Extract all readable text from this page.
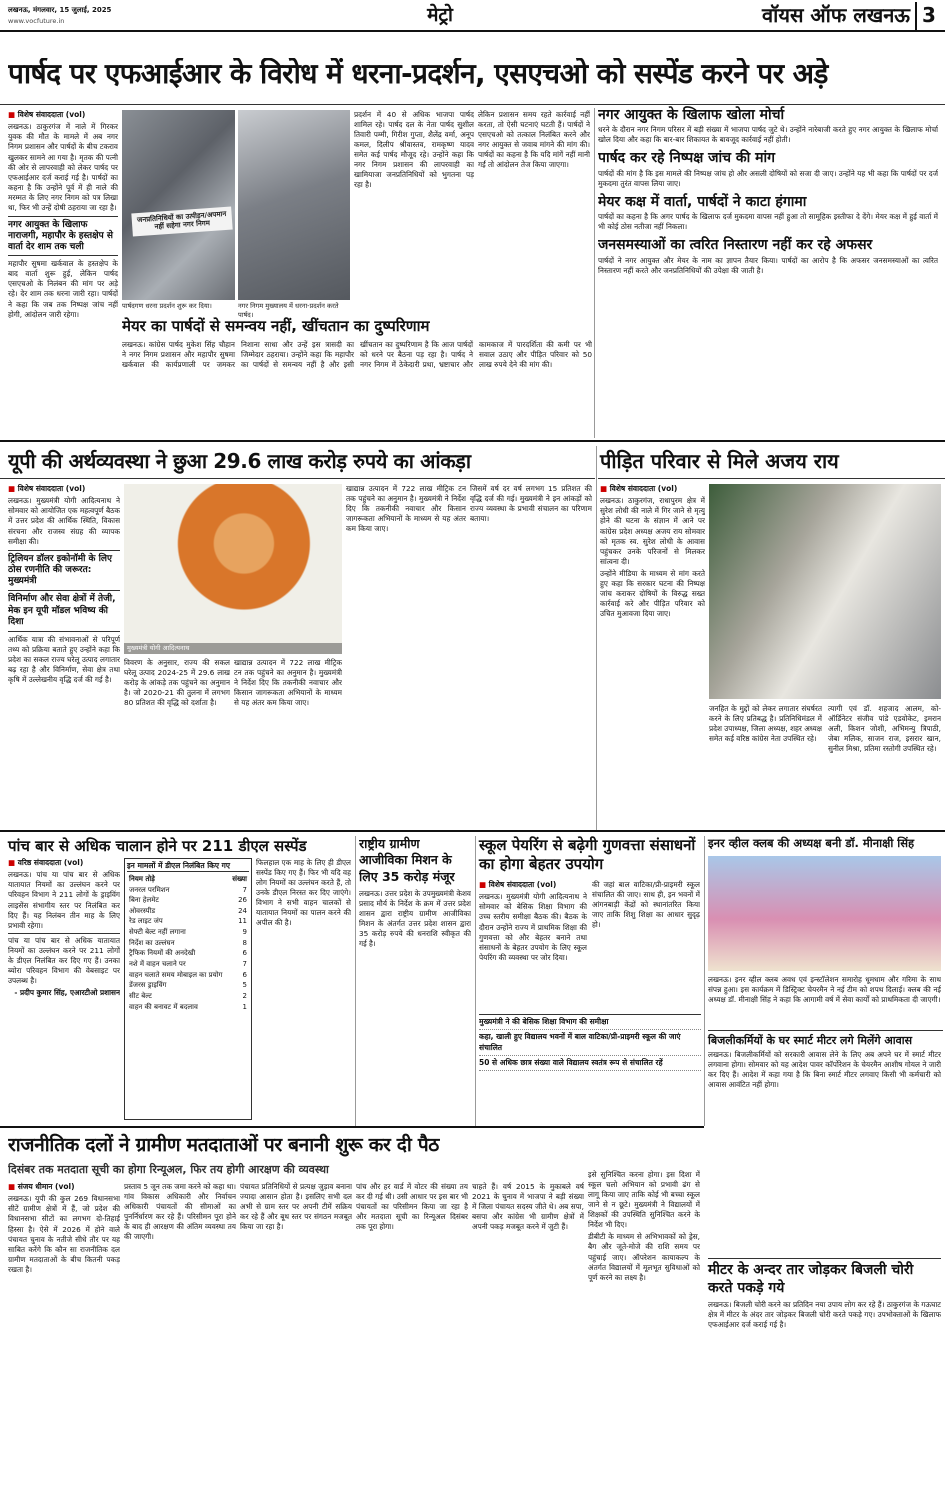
लखनऊ, मंगलवार, 15 जुलाई, 2025
www.vocfuture.in	मेट्रो	वॉयस ऑफ लखनऊ 3
पार्षद पर एफआईआर के विरोध में धरना-प्रदर्शन, एसएचओ को सस्पेंड करने पर अड़े
■ विशेष संवाददाता (vol)

लखनऊ। ठाकुरगंज में नाले में गिरकर युवक की मौत के मामले में अब नगर निगम प्रशासन और पार्षदों के बीच टकराव खुलकर सामने आ गया है। मृतक की पत्नी की ओर से लापरवाही को लेकर पार्षद पर एफआईआर दर्ज कराई गई है। पार्षदों का कहना है कि उन्होंने पूर्व में ही नाले की मरम्मत के लिए नगर निगम को पत्र लिखा था, फिर भी उन्हें दोषी ठहराया जा रहा है।

नगर आयुक्त के खिलाफ नाराजगी, महापौर के हस्तक्षेप से वार्ता देर शाम तक चली

महापौर सुषमा खर्कवाल के हस्तक्षेप के बाद वार्ता शुरू हुई, लेकिन पार्षद एसएचओ के निलंबन की मांग पर अड़े रहे। देर शाम तक धरना जारी रहा। पार्षदों ने कहा कि जब तक निष्पक्ष जांच नहीं होगी, आंदोलन जारी रहेगा।

जनप्रतिनिधियों का उत्पीड़न/अपमान नहीं सहेगा नगर निगम
पार्षदगण धरना प्रदर्शन शुरू कर दिया।	नगर निगम मुख्यालय में धरना-प्रदर्शन करते पार्षद।

प्रदर्शन में 40 से अधिक भाजपा पार्षद शामिल रहे। पार्षद दल के नेता पार्षद सुशील तिवारी पम्मी, गिरीश गुप्ता, शैलेंद्र वर्मा, अनूप कमल, दिलीप श्रीवास्तव, रामकृष्ण यादव समेत कई पार्षद मौजूद रहे। उन्होंने कहा कि नगर निगम प्रशासन की लापरवाही का खामियाजा जनप्रतिनिधियों को भुगतना पड़ रहा है।

लेकिन प्रशासन समय रहते कार्रवाई नहीं करता, तो ऐसी घटनाएं घटती हैं। पार्षदों ने एसएचओ को तत्काल निलंबित करने और नगर आयुक्त से जवाब मांगने की मांग की। पार्षदों का कहना है कि यदि मांगें नहीं मानी गईं तो आंदोलन तेज किया जाएगा।

मेयर का पार्षदों से समन्वय नहीं, खींचतान का दुष्परिणाम

लखनऊ। कांग्रेस पार्षद मुकेश सिंह चौहान ने नगर निगम प्रशासन और महापौर सुषमा खर्कवाल की कार्यप्रणाली पर जमकर निशाना साधा और उन्हें इस त्रासदी का जिम्मेदार ठहराया। उन्होंने कहा कि महापौर का पार्षदों से समन्वय नहीं है और इसी खींचतान का दुष्परिणाम है कि आज पार्षदों को धरने पर बैठना पड़ रहा है। पार्षद ने नगर निगम में ठेकेदारी प्रथा, भ्रष्टाचार और कामकाज में पारदर्शिता की कमी पर भी सवाल उठाए और पीड़ित परिवार को 50 लाख रुपये देने की मांग की।

नगर आयुक्त के खिलाफ खोला मोर्चा

धरने के दौरान नगर निगम परिसर में बड़ी संख्या में भाजपा पार्षद जुटे थे। उन्होंने नारेबाजी करते हुए नगर आयुक्त के खिलाफ मोर्चा खोल दिया और कहा कि बार-बार शिकायत के बावजूद कार्रवाई नहीं होती।

पार्षद कर रहे निष्पक्ष जांच की मांग

पार्षदों की मांग है कि इस मामले की निष्पक्ष जांच हो और असली दोषियों को सजा दी जाए। उन्होंने यह भी कहा कि पार्षदों पर दर्ज मुकदमा तुरंत वापस लिया जाए।

मेयर कक्ष में वार्ता, पार्षदों ने काटा हंगामा

पार्षदों का कहना है कि अगर पार्षद के खिलाफ दर्ज मुकदमा वापस नहीं हुआ तो सामूहिक इस्तीफा दे देंगे। मेयर कक्ष में हुई वार्ता में भी कोई ठोस नतीजा नहीं निकला।

जनसमस्याओं का त्वरित निस्तारण नहीं कर रहे अफसर

पार्षदों ने नगर आयुक्त और मेयर के नाम का ज्ञापन तैयार किया। पार्षदों का आरोप है कि अफसर जनसमस्याओं का त्वरित निस्तारण नहीं करते और जनप्रतिनिधियों की उपेक्षा की जाती है।

यूपी की अर्थव्यवस्था ने छुआ 29.6 लाख करोड़ रुपये का आंकड़ा
■ विशेष संवाददाता (vol)

लखनऊ। मुख्यमंत्री योगी आदित्यनाथ ने सोमवार को आयोजित एक महत्वपूर्ण बैठक में उत्तर प्रदेश की आर्थिक स्थिति, विकास संरचना और राजस्व संग्रह की व्यापक समीक्षा की।

ट्रिलियन डॉलर इकोनॉमी के लिए ठोस रणनीति की जरूरत: मुख्यमंत्री
विनिर्माण और सेवा क्षेत्रों में तेजी, मेक इन यूपी मॉडल भविष्य की दिशा

आर्थिक यात्रा की संभावनाओं से परिपूर्ण तथ्य को प्रक्रिया बताते हुए उन्होंने कहा कि प्रदेश का सकल राज्य घरेलू उत्पाद लगातार बढ़ रहा है और विनिर्माण, सेवा क्षेत्र तथा कृषि में उल्लेखनीय वृद्धि दर्ज की गई है।

मुख्यमंत्री योगी आदित्यनाथ

विवरण के अनुसार, राज्य की सकल घरेलू उत्पाद 2024-25 में 29.6 लाख करोड़ के आंकड़े तक पहुंचने का अनुमान है। जो 2020-21 की तुलना में लगभग 80 प्रतिशत की वृद्धि को दर्शाता है।

खाद्यान्न उत्पादन में 722 लाख मीट्रिक टन तक पहुंचने का अनुमान है। मुख्यमंत्री ने निर्देश दिए कि तकनीकी नवाचार और किसान जागरूकता अभियानों के माध्यम से यह अंतर कम किया जाए।

खाद्यान्न उत्पादन में 722 लाख मीट्रिक टन तक पहुंचने का अनुमान है। मुख्यमंत्री ने निर्देश दिए कि तकनीकी नवाचार और किसान जागरूकता अभियानों के माध्यम से यह अंतर कम किया जाए।

जिसमें वर्ष दर वर्ष लगभग 15 प्रतिशत की वृद्धि दर्ज की गई। मुख्यमंत्री ने इन आंकड़ों को राज्य व्यवस्था के प्रभावी संचालन का परिणाम बताया।

पीड़ित परिवार से मिले अजय राय
■ विशेष संवाददाता (vol)

लखनऊ। ठाकुरगंज, राधापुरम क्षेत्र में सुरेश लोधी की नाले में गिर जाने से मृत्यु होने की घटना के संज्ञान में आने पर कांग्रेस प्रदेश अध्यक्ष अजय राय सोमवार को मृतक स्व. सुरेश लोधी के आवास पहुंचकर उनके परिजनों से मिलकर सांत्वना दी।

उन्होंने मीडिया के माध्यम से मांग करते हुए कहा कि सरकार घटना की निष्पक्ष जांच कराकर दोषियों के विरुद्ध सख्त कार्रवाई करे और पीड़ित परिवार को उचित मुआवजा दिया जाए।

जनहित के मुद्दों को लेकर लगातार संघर्षरत करने के लिए प्रतिबद्ध है। प्रतिनिधिमंडल में प्रदेश उपाध्यक्ष, जिला अध्यक्ष, शहर अध्यक्ष समेत कई वरिष्ठ कांग्रेस नेता उपस्थित रहे।

त्यागी एवं डॉ. शहजाद आलम, को-ऑर्डिनेटर संजीव पांडे एडवोकेट, इमरान अली, किशन जोशी, अभिमन्यु त्रिपाठी, जेबा मलिक, साजन राज, इसरार खान, सुनील मिश्रा, प्रतिमा रस्तोगी उपस्थित रहे।

पांच बार से अधिक चालान होने पर 211 डीएल सस्पेंड
■ वरिष्ठ संवाददाता (vol)

लखनऊ। पांच या पांच बार से अधिक यातायात नियमों का उल्लंघन करने पर परिवहन विभाग ने 211 लोगों के ड्राइविंग लाइसेंस संभागीय स्तर पर निलंबित कर दिए हैं। यह निलंबन तीन माह के लिए प्रभावी रहेगा।

पांच या पांच बार से अधिक यातायात नियमों का उल्लंघन करने पर 211 लोगों के डीएल निलंबित कर दिए गए हैं। उनका ब्योरा परिवहन विभाग की वेबसाइट पर उपलब्ध है।

- प्रदीप कुमार सिंह, एआरटीओ प्रशासन

इन मामलों में डीएल निलंबित किए गए
नियम तोड़े	संख्या
जनरल परमिशन	7
बिना हेलमेट	26
ओवरस्पीड	24
रेड लाइट जंप	11
सेफ्टी बेल्ट नहीं लगाना	9
निर्देश का उल्लंघन	8
ट्रैफिक नियमों की अनदेखी	6
नशे में वाहन चलाने पर	7
वाहन चलाते समय मोबाइल का प्रयोग	6
डेंजरस ड्राइविंग	5
सीट बेल्ट	2
वाहन की बनावट में बदलाव	1

फिलहाल एक माह के लिए ही डीएल सस्पेंड किए गए हैं। फिर भी यदि वह लोग नियमों का उल्लंघन करते हैं, तो उनके डीएल निरस्त कर दिए जाएंगे। विभाग ने सभी वाहन चालकों से यातायात नियमों का पालन करने की अपील की है।

राष्ट्रीय ग्रामीण आजीविका मिशन के लिए 35 करोड़ मंजूर

लखनऊ। उत्तर प्रदेश के उपमुख्यमंत्री केशव प्रसाद मौर्य के निर्देश के क्रम में उत्तर प्रदेश शासन द्वारा राष्ट्रीय ग्रामीण आजीविका मिशन के अंतर्गत उत्तर प्रदेश शासन द्वारा 35 करोड़ रुपये की धनराशि स्वीकृत की गई है।

स्कूल पेयरिंग से बढ़ेगी गुणवत्ता संसाधनों का होगा बेहतर उपयोग
■ विशेष संवाददाता (vol)

लखनऊ। मुख्यमंत्री योगी आदित्यनाथ ने सोमवार को बेसिक शिक्षा विभाग की उच्च स्तरीय समीक्षा बैठक की। बैठक के दौरान उन्होंने राज्य में प्राथमिक शिक्षा की गुणवत्ता को और बेहतर बनाने तथा संसाधनों के बेहतर उपयोग के लिए स्कूल पेयरिंग की व्यवस्था पर जोर दिया।

की जहां बाल वाटिका/प्री-प्राइमरी स्कूल संचालित की जाए। साथ ही, इन भवनों में आंगनबाड़ी केंद्रों को स्थानांतरित किया जाए ताकि शिशु शिक्षा का आधार सुदृढ़ हो।

मुख्यमंत्री ने की बेसिक शिक्षा विभाग की समीक्षा
कहा, खाली हुए विद्यालय भवनों में बाल वाटिका/प्री-प्राइमरी स्कूल की जाएं संचालित
50 से अधिक छात्र संख्या वाले विद्यालय स्वतंत्र रूप से संचालित रहें
इनर व्हील क्लब की अध्यक्ष बनी डॉ. मीनाक्षी सिंह

लखनऊ। इनर व्हील क्लब अवध एवं इन्स्टॉलेशन समारोह धूमधाम और गरिमा के साथ संपन्न हुआ। इस कार्यक्रम में डिस्ट्रिक्ट चेयरमैन ने नई टीम को शपथ दिलाई। क्लब की नई अध्यक्ष डॉ. मीनाक्षी सिंह ने कहा कि आगामी वर्ष में सेवा कार्यों को प्राथमिकता दी जाएगी।

बिजलीकर्मियों के घर स्मार्ट मीटर लगे मिलेंगे आवास

लखनऊ। बिजलीकर्मियों को सरकारी आवास लेने के लिए अब अपने घर में स्मार्ट मीटर लगवाना होगा। सोमवार को यह आदेश पावर कॉर्पोरेशन के चेयरमैन आशीष गोयल ने जारी कर दिए हैं। आदेश में कहा गया है कि बिना स्मार्ट मीटर लगवाए किसी भी कर्मचारी को आवास आवंटित नहीं होगा।

मीटर के अन्दर तार जोड़कर बिजली चोरी करते पकड़े गये

लखनऊ। बिजली चोरी करने का प्रतिदिन नया उपाय लोग कर रहे हैं। ठाकुरगंज के गऊघाट क्षेत्र में मीटर के अंदर तार जोड़कर बिजली चोरी करते पकड़े गए। उपभोक्ताओं के खिलाफ एफआईआर दर्ज कराई गई है।

राजनीतिक दलों ने ग्रामीण मतदाताओं पर बनानी शुरू कर दी पैठ
दिसंबर तक मतदाता सूची का होगा रिन्यूअल, फिर तय होगी आरक्षण की व्यवस्था
■ संजय धीमान (vol)

लखनऊ। यूपी की कुल 269 विधानसभा सीटें ग्रामीण क्षेत्रों में हैं, जो प्रदेश की विधानसभा सीटों का लगभग दो-तिहाई हिस्सा है। ऐसे में 2026 में होने वाले पंचायत चुनाव के नतीजे सीधे तौर पर यह साबित करेंगे कि कौन सा राजनीतिक दल ग्रामीण मतदाताओं के बीच कितनी पकड़ रखता है।

प्रस्ताव 5 जून तक जमा करने को कहा था। गांव विकास अधिकारी और निर्वाचन अधिकारी पंचायतों की सीमाओं का पुनर्निर्धारण कर रहे हैं। परिसीमन पूरा होने के बाद ही आरक्षण की अंतिम व्यवस्था तय की जाएगी।

पंचायत प्रतिनिधियों से प्रत्यक्ष जुड़ाव बनाना ज्यादा आसान होता है। इसलिए सभी दल अभी से ग्राम स्तर पर अपनी टीमें सक्रिय कर रहे हैं और बूथ स्तर पर संगठन मजबूत किया जा रहा है।

पांच और हर वार्ड में वोटर की संख्या तय कर दी गई थी। उसी आधार पर इस बार भी पंचायतों का परिसीमन किया जा रहा है और मतदाता सूची का रिन्यूअल दिसंबर तक पूरा होगा।

चाहते हैं। वर्ष 2015 के मुकाबले वर्ष 2021 के चुनाव में भाजपा ने बड़ी संख्या में जिला पंचायत सदस्य जीते थे। अब सपा, बसपा और कांग्रेस भी ग्रामीण क्षेत्रों में अपनी पकड़ मजबूत करने में जुटी हैं।

इसे सुनिश्चित करना होगा। इस दिशा में स्कूल चलो अभियान को प्रभावी ढंग से लागू किया जाए ताकि कोई भी बच्चा स्कूल जाने से न छूटे। मुख्यमंत्री ने विद्यालयों में शिक्षकों की उपस्थिति सुनिश्चित करने के निर्देश भी दिए।

डीबीटी के माध्यम से अभिभावकों को ड्रेस, बैग और जूते-मोजे की राशि समय पर पहुंचाई जाए। ऑपरेशन कायाकल्प के अंतर्गत विद्यालयों में मूलभूत सुविधाओं को पूर्ण करने का लक्ष्य है।
